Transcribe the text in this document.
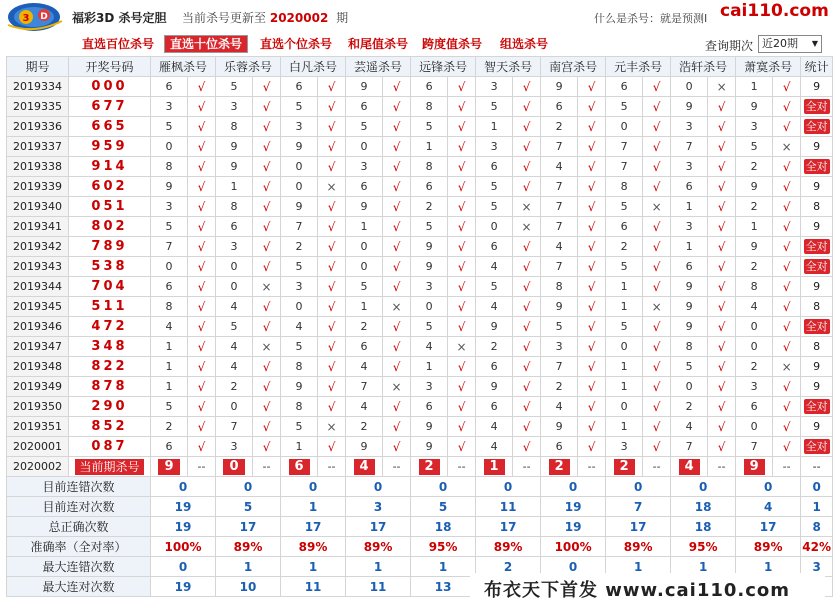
3 D 福彩3D 杀号定胆 当前杀号更新至 2020002 期	什么是杀号：就是预测I cai110.com
直选百位杀号	直选十位杀号	直选个位杀号 和尾值杀号 跨度值杀号 组选杀号	查询期次 近20期 ▼
期号	开奖号码	雁枫杀号		乐蓉杀号		白凡杀号		芸遥杀号		远锋杀号		智天杀号		南宫杀号		元丰杀号		浩轩杀号		萧寞杀号		统计
2019334	000	6	√	5	√	6	√	9	√	6	√	3	√	9	√	6	√	0	×	1	√	9
2019335	677	3	√	3	√	5	√	6	√	8	√	5	√	6	√	5	√	9	√	9	√	全对
2019336	665	5	√	8	√	3	√	5	√	5	√	1	√	2	√	0	√	3	√	3	√	全对
2019337	959	0	√	9	√	9	√	0	√	1	√	3	√	7	√	7	√	7	√	5	×	9
2019338	914	8	√	9	√	0	√	3	√	8	√	6	√	4	√	7	√	3	√	2	√	全对
2019339	602	9	√	1	√	0	×	6	√	6	√	5	√	7	√	8	√	6	√	9	√	9
2019340	051	3	√	8	√	9	√	9	√	2	√	5	×	7	√	5	×	1	√	2	√	8
2019341	802	5	√	6	√	7	√	1	√	5	√	0	×	7	√	6	√	3	√	1	√	9
2019342	789	7	√	3	√	2	√	0	√	9	√	6	√	4	√	2	√	1	√	9	√	全对
2019343	538	0	√	0	√	5	√	0	√	9	√	4	√	7	√	5	√	6	√	2	√	全对
2019344	704	6	√	0	×	3	√	5	√	3	√	5	√	8	√	1	√	9	√	8	√	9
2019345	511	8	√	4	√	0	√	1	×	0	√	4	√	9	√	1	×	9	√	4	√	8
2019346	472	4	√	5	√	4	√	2	√	5	√	9	√	5	√	5	√	9	√	0	√	全对
2019347	348	1	√	4	×	5	√	6	√	4	×	2	√	3	√	0	√	8	√	0	√	8
2019348	822	1	√	4	√	8	√	4	√	1	√	6	√	7	√	1	√	5	√	2	×	9
2019349	878	1	√	2	√	9	√	7	×	3	√	9	√	2	√	1	√	0	√	3	√	9
2019350	290	5	√	0	√	8	√	4	√	6	√	6	√	4	√	0	√	2	√	6	√	全对
2019351	852	2	√	7	√	5	×	2	√	9	√	4	√	9	√	1	√	4	√	0	√	9
2020001	087	6	√	3	√	1	√	9	√	9	√	4	√	6	√	3	√	7	√	7	√	全对
2020002	当前期杀号	9	--	0	--	6	--	4	--	2	--	1	--	2	--	2	--	4	--	9	--	--
目前连错次数		0		0		0		0		0		0		0		0		0		0		0
目前连对次数		19		5		1		3		5		11		19		7		18		4		1
总正确次数		19		17		17		17		18		17		19		17		18		17		8
准确率（全对率）		100%		89%		89%		89%		95%		89%		100%		89%		95%		89%		42%
最大连错次数		0		1		1		1		1		2		0		1		1		1		3
最大连对次数		19		10		11		11		13												布衣天下首发 www.cai110.com
